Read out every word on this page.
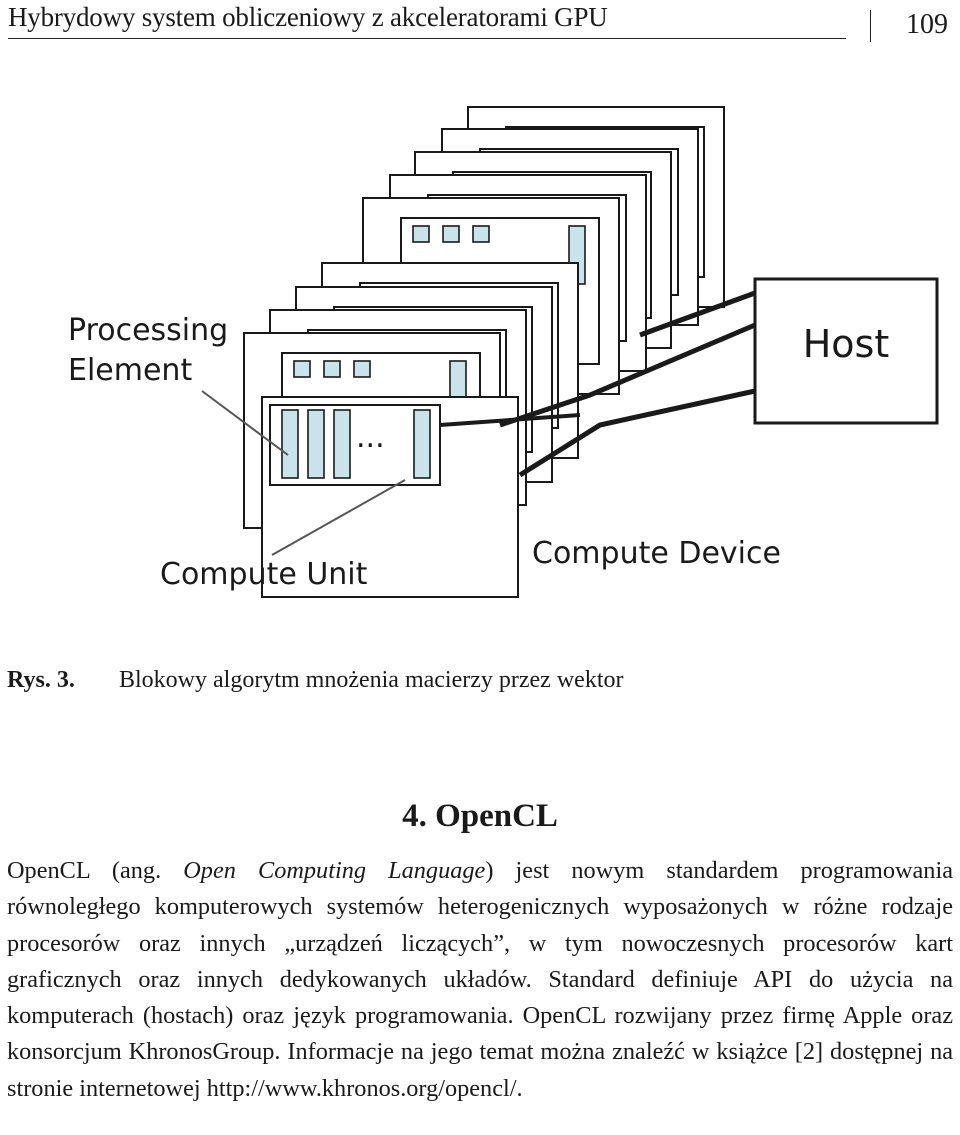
Hybrydowy system obliczeniowy z akceleratorami GPU	109
...
Host
Processing
Element
Compute Device
Compute Unit
Rys. 3. Blokowy algorytm mnożenia macierzy przez wektor
4. OpenCL
OpenCL (ang. Open Computing Language) jest nowym standardem programowania równoległego komputerowych systemów heterogenicznych wyposażonych w różne rodzaje procesorów oraz innych „urządzeń liczących”, w tym nowoczesnych procesorów kart graficznych oraz innych dedykowanych układów. Standard definiuje API do użycia na komputerach (hostach) oraz język programowania. OpenCL rozwijany przez firmę Apple oraz konsorcjum KhronosGroup. Informacje na jego temat można znaleźć w książce [2] dostępnej na stronie internetowej http://www.khronos.org/opencl/.
